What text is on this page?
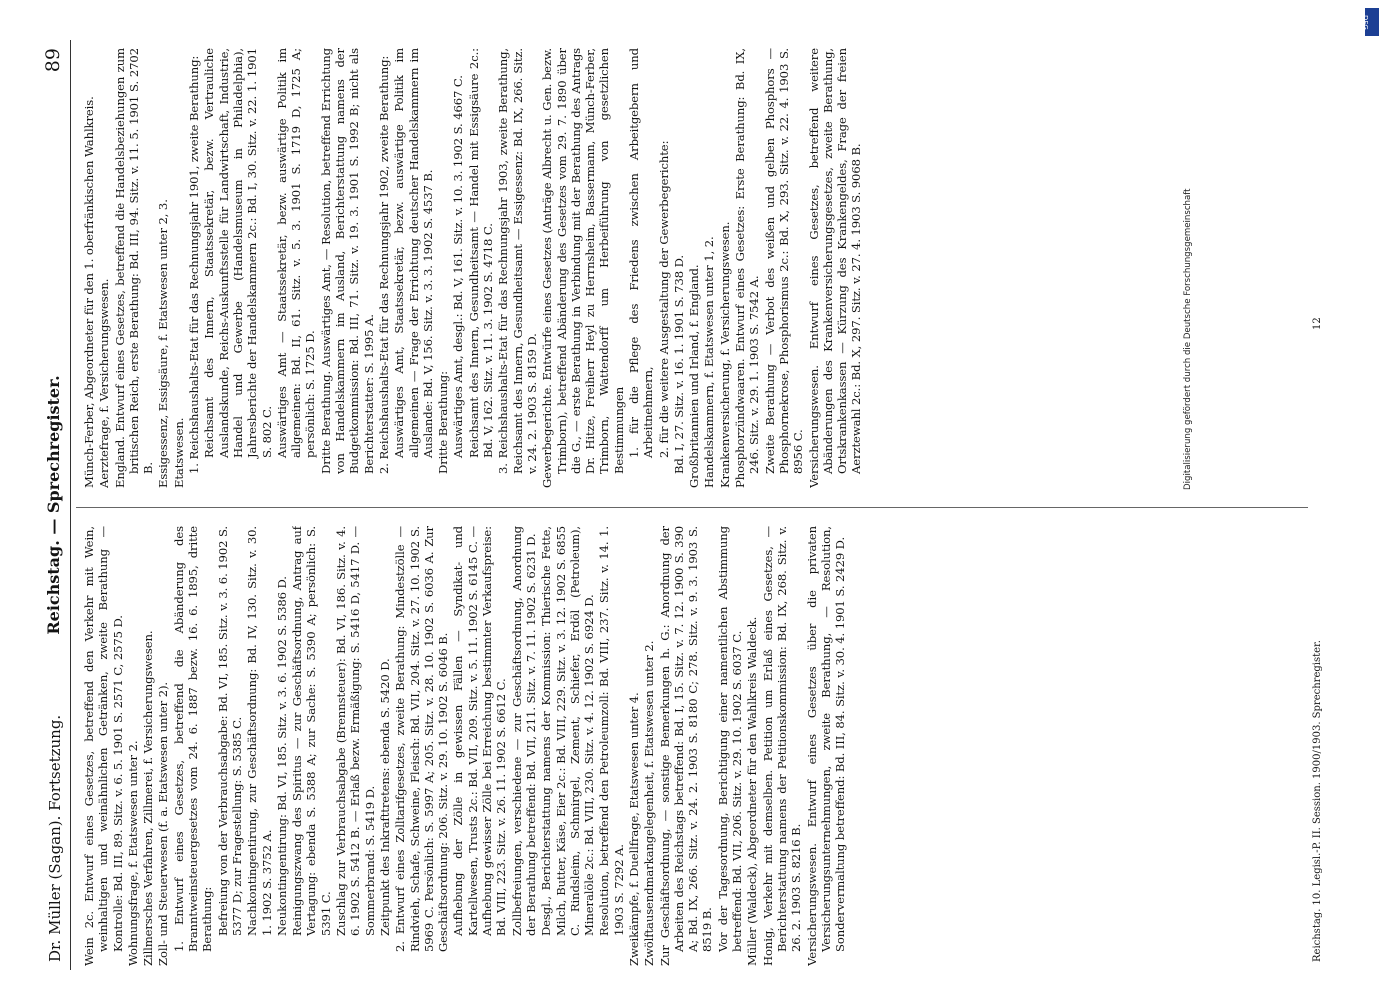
Dr. Müller (Sagan). Fortsetzung.
Reichstag. — Sprechregister.
89

Wein 2c. Entwurf eines Gesetzes, betreffend den Verkehr mit Wein, weinhaltigen und weinähnlichen Getränken, zweite Berathung — Kontrolle: Bd. III, 89. Sitz. v. 6. 5. 1901 S. 2571 C, 2575 D. Wohnungsfrage, f. Etatswesen unter 2. Zillmersches Verfahren, Zillmerei, f. Versicherungswesen. Zoll- und Steuerwesen (f. a. Etatswesen unter 2). 1. Entwurf eines Gesetzes, betreffend die Abänderung des Branntweinsteuergesetzes vom 24. 6. 1887 bezw. 16. 6. 1895, dritte Berathung: Befreiung von der Verbrauchsabgabe: Bd. VI, 185. Sitz. v. 3. 6. 1902 S. 5377 D; zur Fragestellung: S. 5385 C. Nachkontingentirung, zur Geschäftsordnung: Bd. IV, 130. Sitz. v. 30. 1. 1902 S. 3752 A. Neukontingentirung: Bd. VI, 185. Sitz. v. 3. 6. 1902 S. 5386 D. Reinigungszwang des Spiritus — zur Geschäftsordnung, Antrag auf Vertagung: ebenda S. 5388 A; zur Sache: S. 5390 A; persönlich: S. 5391 C. Zuschlag zur Verbrauchsabgabe (Brennsteuer): Bd. VI, 186. Sitz. v. 4. 6. 1902 S. 5412 B. — Erlaß bezw. Ermäßigung: S. 5416 D, 5417 D. — Sommerbrand: S. 5419 D. Zeitpunkt des Inkrafttretens: ebenda S. 5420 D. 2. Entwurf eines Zolltarifgesetzes, zweite Berathung: Mindestzölle — Rindvieh, Schafe, Schweine, Fleisch: Bd. VII, 204. Sitz. v. 27. 10. 1902 S. 5969 C. Persönlich: S. 5997 A; 205. Sitz. v. 28. 10. 1902 S. 6036 A. Zur Geschäftsordnung: 206. Sitz. v. 29. 10. 1902 S. 6046 B. Aufhebung der Zölle in gewissen Fällen — Syndikat- und Kartellwesen, Trusts 2c.: Bd. VII, 209. Sitz. v. 5. 11. 1902 S. 6145 C. — Aufhebung gewisser Zölle bei Erreichung bestimmter Verkaufspreise: Bd. VIII, 223. Sitz. v. 26. 11. 1902 S. 6612 C. Zollbefreiungen, verschiedene — zur Geschäftsordnung, Anordnung der Berathung betreffend: Bd. VII, 211. Sitz. v. 7. 11. 1902 S. 6231 D. Desgl., Berichterstattung namens der Kommission: Thierische Fette, Milch, Butter, Käse, Eier 2c.: Bd. VIII, 229. Sitz. v. 3. 12. 1902 S. 6855 C. Rindsleim, Schmirgel, Zement, Schiefer, Erdöl (Petroleum), Mineralöle 2c.: Bd. VIII, 230. Sitz. v. 4. 12. 1902 S. 6924 D. Resolution, betreffend den Petroleumzoll: Bd. VIII, 237. Sitz. v. 14. 1. 1903 S. 7292 A. Zweikämpfe, f. Duellfrage, Etatswesen unter 4. Zwölftausendmarkangelegenheit, f. Etatswesen unter 2. Zur Geschäftsordnung, — sonstige Bemerkungen h. G.: Anordnung der Arbeiten des Reichstags betreffend: Bd. I, 15. Sitz. v. 7. 12. 1900 S. 390 A; Bd. IX, 266. Sitz. v. 24. 2. 1903 S. 8180 C; 278. Sitz. v. 9. 3. 1903 S. 8519 B. Vor der Tagesordnung, Berichtigung einer namentlichen Abstimmung betreffend: Bd. VII, 206. Sitz. v. 29. 10. 1902 S. 6037 C. Müller (Waldeck), Abgeordneter für den Wahlkreis Waldeck. Honig, Verkehr mit demselben. Petition um Erlaß eines Gesetzes, — Berichterstattung namens der Petitionskommission: Bd. IX, 268. Sitz. v. 26. 2. 1903 S. 8216 B. Versicherungswesen. Entwurf eines Gesetzes über die privaten Versicherungsunternehmungen, zweite Berathung, — Resolution, Sondervermaltung betreffend: Bd. III, 84. Sitz. v. 30. 4. 1901 S. 2429 D.

Münch-Ferber, Abgeordneter für den 1. oberfränkischen Wahlkreis. Aerztefrage, f. Versicherungswesen. England. Entwurf eines Gesetzes, betreffend die Handelsbeziehungen zum britischen Reich, erste Berathung: Bd. III, 94. Sitz. v. 11. 5. 1901 S. 2702 B. Essigessenz, Essigsäure, f. Etatswesen unter 2, 3. Etatswesen. 1. Reichshaushalts-Etat für das Rechnungsjahr 1901, zweite Berathung: Reichsamt des Innern, Staatssekretär, bezw. Vertrauliche Auslandskunde, Reichs-Auskunftsstelle für Landwirtschaft, Industrie, Handel und Gewerbe (Handelsmuseum in Philadelphia), Jahresberichte der Handelskammern 2c.: Bd. I, 30. Sitz. v. 22. 1. 1901 S. 802 C. Auswärtiges Amt — Staatssekretär, bezw. auswärtige Politik im allgemeinen: Bd. II, 61. Sitz. v. 5. 3. 1901 S. 1719 D, 1725 A; persönlich: S. 1725 D. Dritte Berathung. Auswärtiges Amt, — Resolution, betreffend Errichtung von Handelskammern im Ausland, Berichterstattung namens der Budgetkommission: Bd. III, 71. Sitz. v. 19. 3. 1901 S. 1992 B; nicht als Berichterstatter: S. 1995 A. 2. Reichshaushalts-Etat für das Rechnungsjahr 1902, zweite Berathung: Auswärtiges Amt, Staatssekretär, bezw. auswärtige Politik im allgemeinen — Frage der Errichtung deutscher Handelskammern im Auslande: Bd. V, 156. Sitz. v. 3. 3. 1902 S. 4537 B. Dritte Berathung: Auswärtiges Amt, desgl.: Bd. V, 161. Sitz. v. 10. 3. 1902 S. 4667 C. Reichsamt des Innern, Gesundheitsamt — Handel mit Essigsäure 2c.: Bd. V, 162. Sitz. v. 11. 3. 1902 S. 4718 C. 3. Reichshaushalts-Etat für das Rechnungsjahr 1903, zweite Berathung, Reichsamt des Innern, Gesundheitsamt — Essigessenz: Bd. IX, 266. Sitz. v. 24. 2. 1903 S. 8159 D. Gewerbegerichte. Entwürfe eines Gesetzes (Anträge Albrecht u. Gen. bezw. Trimborn), betreffend Abänderung des Gesetzes vom 29. 7. 1890 über die G., — erste Berathung in Verbindung mit der Berathung des Antrags Dr. Hitze, Freiherr Heyl zu Herrnsheim, Bassermann, Münch-Ferber, Trimborn, Wattendorff um Herbeiführung von gesetzlichen Bestimmungen 1. für die Pflege des Friedens zwischen Arbeitgebern und Arbeitnehmern, 2. für die weitere Ausgestaltung der Gewerbegerichte: Bd. I, 27. Sitz. v. 16. 1. 1901 S. 738 D. Großbritannien und Irland, f. England. Handelskammern, f. Etatswesen unter 1, 2. Krankenversicherung, f. Versicherungswesen. Phosphorzündwaaren. Entwurf eines Gesetzes: Erste Berathung: Bd. IX, 246. Sitz. v. 29. 1. 1903 S. 7542 A. Zweite Berathung — Verbot des weißen und gelben Phosphors — Phosphornekrose, Phosphorismus 2c.: Bd. X, 293. Sitz. v. 22. 4. 1903 S. 8956 C. Versicherungswesen. Entwurf eines Gesetzes, betreffend weitere Abänderungen des Krankenversicherungsgesetzes, zweite Berathung, Ortskrankenkassen — Kürzung des Krankengeldes, Frage der freien Aerztewahl 2c.: Bd. X, 297. Sitz. v. 27. 4. 1903 S. 9068 B.

Reichstag. 10. Legisl.-P. II. Session. 1900/1903. Sprechregister.
12
DFG
Digitalisierung gefördert durch die Deutsche Forschungsgemeinschaft
